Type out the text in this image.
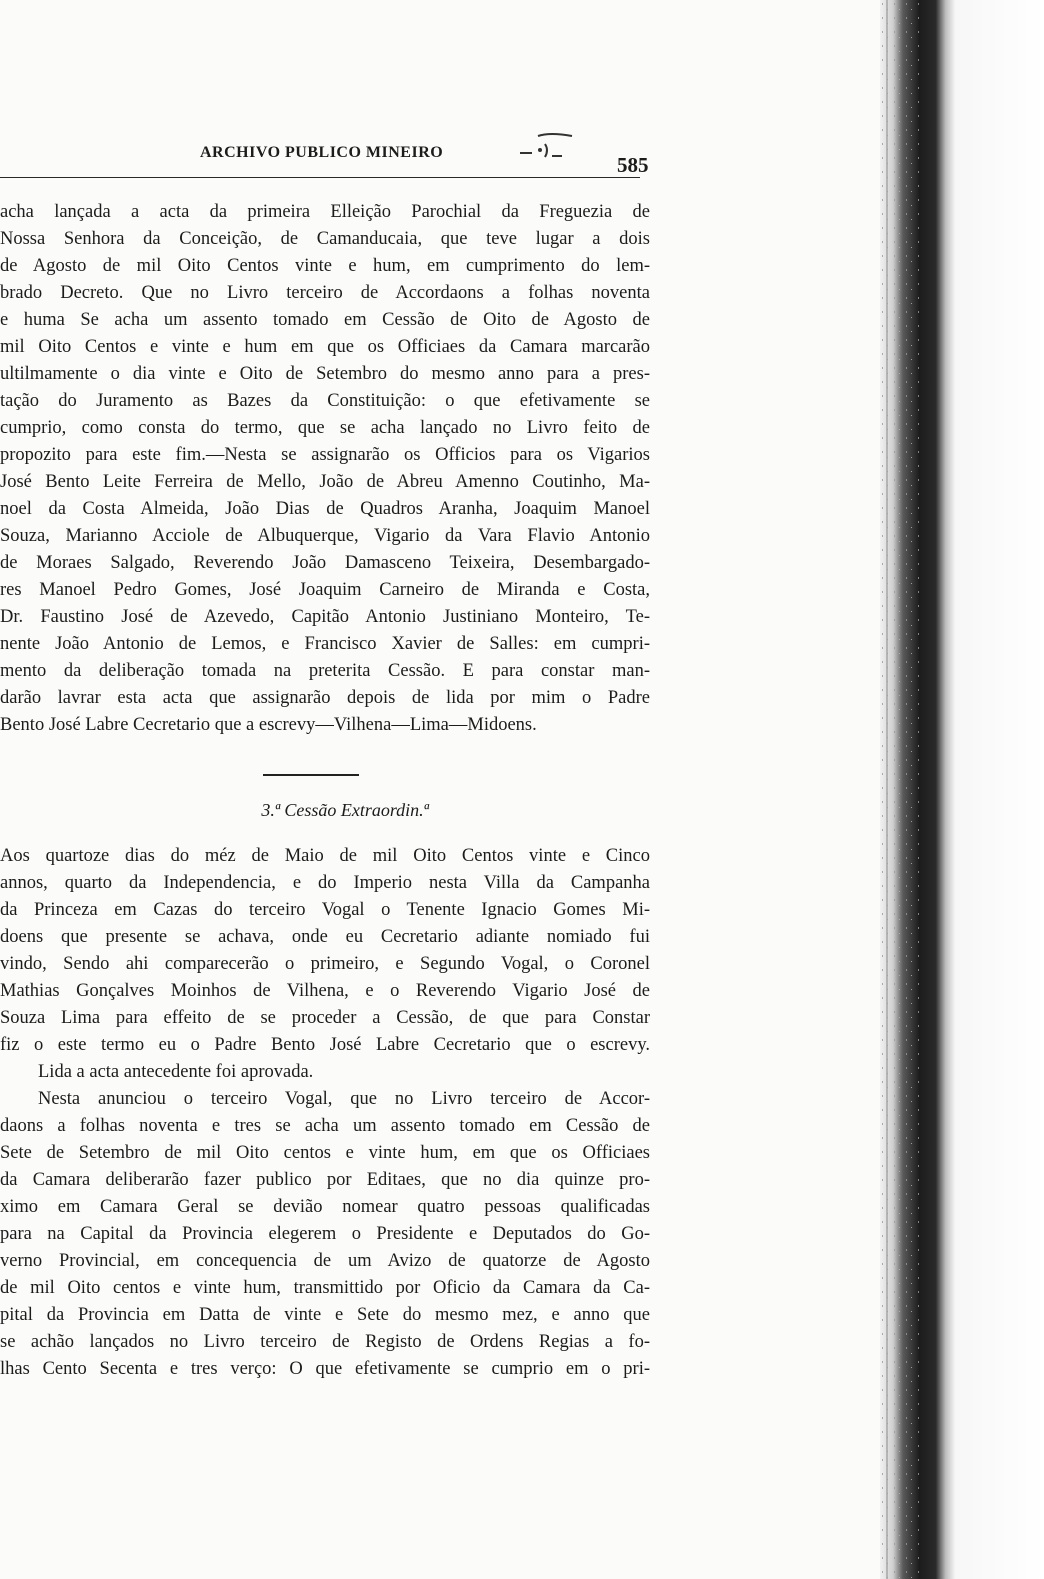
ARCHIVO PUBLICO MINEIRO
585
acha lançada a acta da primeira Elleição Parochial da Freguezia de
Nossa Senhora da Conceição, de Camanducaia, que teve lugar a dois
de Agosto de mil Oito Centos vinte e hum, em cumprimento do lem-
brado Decreto. Que no Livro terceiro de Accordaons a folhas noventa
e huma Se acha um assento tomado em Cessão de Oito de Agosto de
mil Oito Centos e vinte e hum em que os Officiaes da Camara marcarão
ultilmamente o dia vinte e Oito de Setembro do mesmo anno para a pres-
tação do Juramento as Bazes da Constituição: o que efetivamente se
cumprio, como consta do termo, que se acha lançado no Livro feito de
propozito para este fim.—Nesta se assignarão os Officios para os Vigarios
José Bento Leite Ferreira de Mello, João de Abreu Amenno Coutinho, Ma-
noel da Costa Almeida, João Dias de Quadros Aranha, Joaquim Manoel
Souza, Marianno Acciole de Albuquerque, Vigario da Vara Flavio Antonio
de Moraes Salgado, Reverendo João Damasceno Teixeira, Desembargado-
res Manoel Pedro Gomes, José Joaquim Carneiro de Miranda e Costa,
Dr. Faustino José de Azevedo, Capitão Antonio Justiniano Monteiro, Te-
nente João Antonio de Lemos, e Francisco Xavier de Salles: em cumpri-
mento da deliberação tomada na preterita Cessão. E para constar man-
darão lavrar esta acta que assignarão depois de lida por mim o Padre
Bento José Labre Cecretario que a escrevy—Vilhena—Lima—Midoens.
3.ª Cessão Extraordin.ª
Aos quartoze dias do méz de Maio de mil Oito Centos vinte e Cinco
annos, quarto da Independencia, e do Imperio nesta Villa da Campanha
da Princeza em Cazas do terceiro Vogal o Tenente Ignacio Gomes Mi-
doens que presente se achava, onde eu Cecretario adiante nomiado fui
vindo, Sendo ahi comparecerão o primeiro, e Segundo Vogal, o Coronel
Mathias Gonçalves Moinhos de Vilhena, e o Reverendo Vigario José de
Souza Lima para effeito de se proceder a Cessão, de que para Constar
fiz o este termo eu o Padre Bento José Labre Cecretario que o escrevy.
Lida a acta antecedente foi aprovada.
Nesta anunciou o terceiro Vogal, que no Livro terceiro de Accor-
daons a folhas noventa e tres se acha um assento tomado em Cessão de
Sete de Setembro de mil Oito centos e vinte hum, em que os Officiaes
da Camara deliberarão fazer publico por Editaes, que no dia quinze pro-
ximo em Camara Geral se devião nomear quatro pessoas qualificadas
para na Capital da Provincia elegerem o Presidente e Deputados do Go-
verno Provincial, em concequencia de um Avizo de quatorze de Agosto
de mil Oito centos e vinte hum, transmittido por Oficio da Camara da Ca-
pital da Provincia em Datta de vinte e Sete do mesmo mez, e anno que
se achão lançados no Livro terceiro de Registo de Ordens Regias a fo-
lhas Cento Secenta e tres verço: O que efetivamente se cumprio em o pri-
